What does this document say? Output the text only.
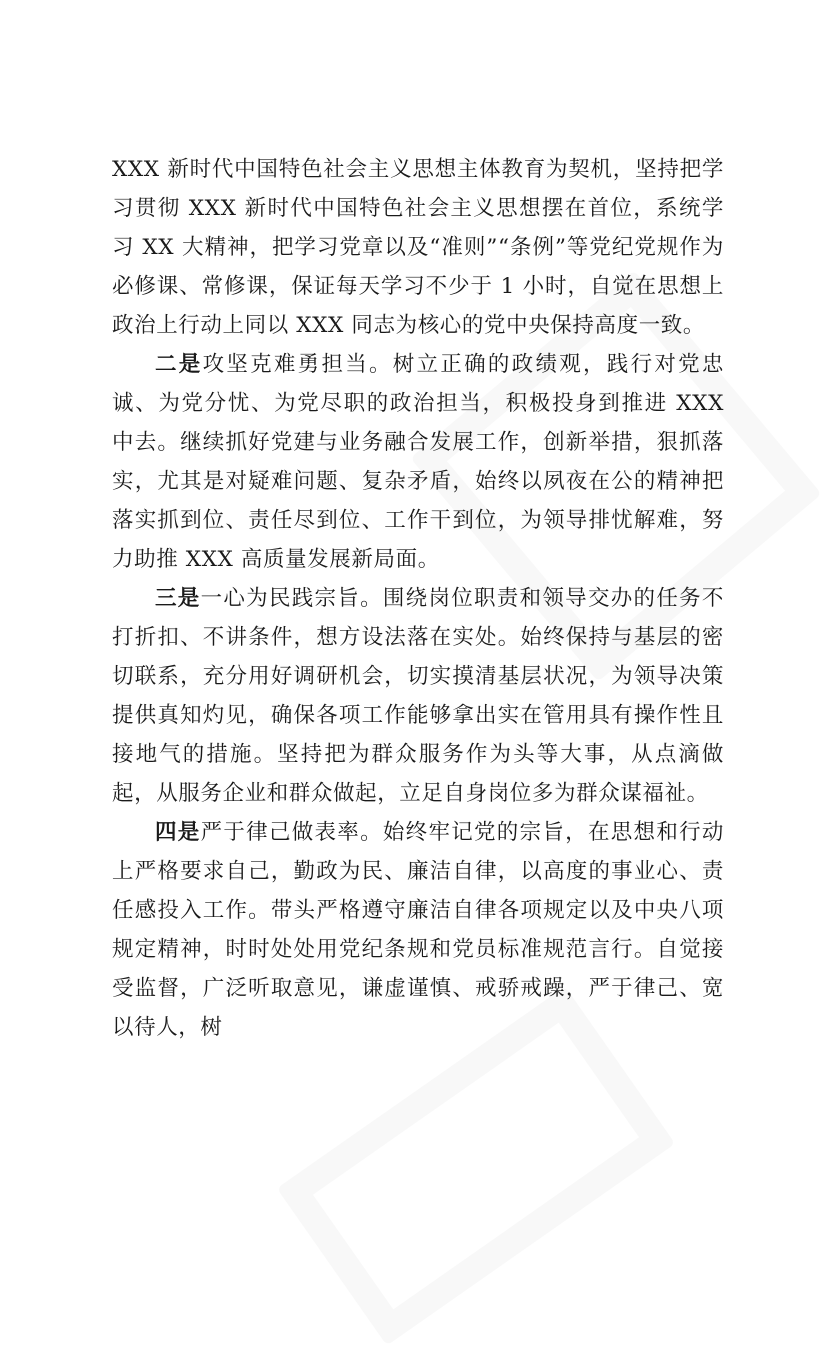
XXX 新时代中国特色社会主义思想主体教育为契机，坚持把学习贯彻 XXX 新时代中国特色社会主义思想摆在首位，系统学习 XX 大精神，把学习党章以及“准则”“条例”等党纪党规作为必修课、常修课，保证每天学习不少于 1 小时，自觉在思想上政治上行动上同以 XXX 同志为核心的党中央保持高度一致。

二是攻坚克难勇担当。树立正确的政绩观，践行对党忠诚、为党分忧、为党尽职的政治担当，积极投身到推进 XXX 中去。继续抓好党建与业务融合发展工作，创新举措，狠抓落实，尤其是对疑难问题、复杂矛盾，始终以夙夜在公的精神把落实抓到位、责任尽到位、工作干到位，为领导排忧解难，努力助推 XXX 高质量发展新局面。

三是一心为民践宗旨。围绕岗位职责和领导交办的任务不打折扣、不讲条件，想方设法落在实处。始终保持与基层的密切联系，充分用好调研机会，切实摸清基层状况，为领导决策提供真知灼见，确保各项工作能够拿出实在管用具有操作性且接地气的措施。坚持把为群众服务作为头等大事，从点滴做起，从服务企业和群众做起，立足自身岗位多为群众谋福祉。

四是严于律己做表率。始终牢记党的宗旨，在思想和行动上严格要求自己，勤政为民、廉洁自律，以高度的事业心、责任感投入工作。带头严格遵守廉洁自律各项规定以及中央八项规定精神，时时处处用党纪条规和党员标准规范言行。自觉接受监督，广泛听取意见，谦虚谨慎、戒骄戒躁，严于律己、宽以待人，树
